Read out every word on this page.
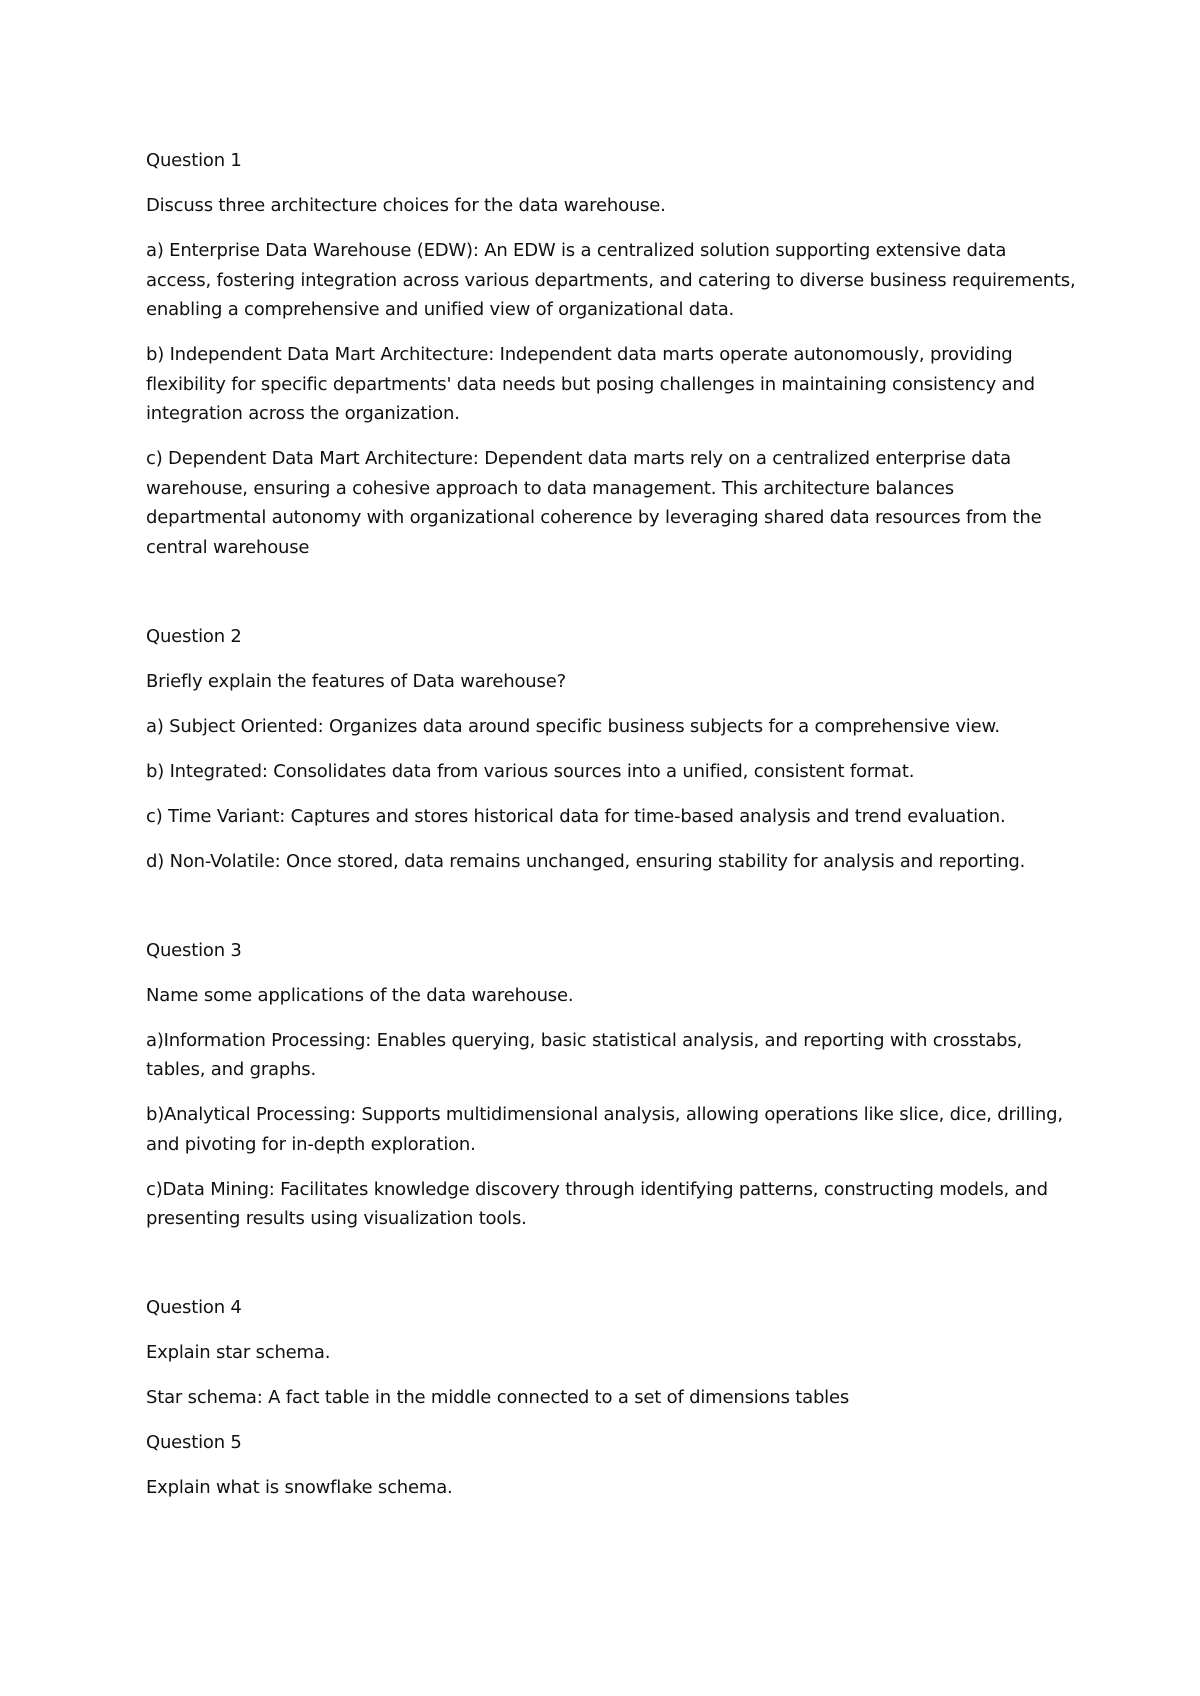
Question 1

Discuss three architecture choices for the data warehouse.

a) Enterprise Data Warehouse (EDW): An EDW is a centralized solution supporting extensive data access, fostering integration across various departments, and catering to diverse business requirements, enabling a comprehensive and unified view of organizational data.

b) Independent Data Mart Architecture: Independent data marts operate autonomously, providing flexibility for specific departments' data needs but posing challenges in maintaining consistency and integration across the organization.

c) Dependent Data Mart Architecture: Dependent data marts rely on a centralized enterprise data warehouse, ensuring a cohesive approach to data management. This architecture balances departmental autonomy with organizational coherence by leveraging shared data resources from the central warehouse

Question 2

Briefly explain the features of Data warehouse?

a) Subject Oriented: Organizes data around specific business subjects for a comprehensive view.

b) Integrated: Consolidates data from various sources into a unified, consistent format.

c) Time Variant: Captures and stores historical data for time-based analysis and trend evaluation.

d) Non-Volatile: Once stored, data remains unchanged, ensuring stability for analysis and reporting.

Question 3

Name some applications of the data warehouse.

a)Information Processing: Enables querying, basic statistical analysis, and reporting with crosstabs, tables, and graphs.

b)Analytical Processing: Supports multidimensional analysis, allowing operations like slice, dice, drilling, and pivoting for in-depth exploration.

c)Data Mining: Facilitates knowledge discovery through identifying patterns, constructing models, and presenting results using visualization tools.

Question 4

Explain star schema.

Star schema: A fact table in the middle connected to a set of dimensions tables

Question 5

Explain what is snowflake schema.
